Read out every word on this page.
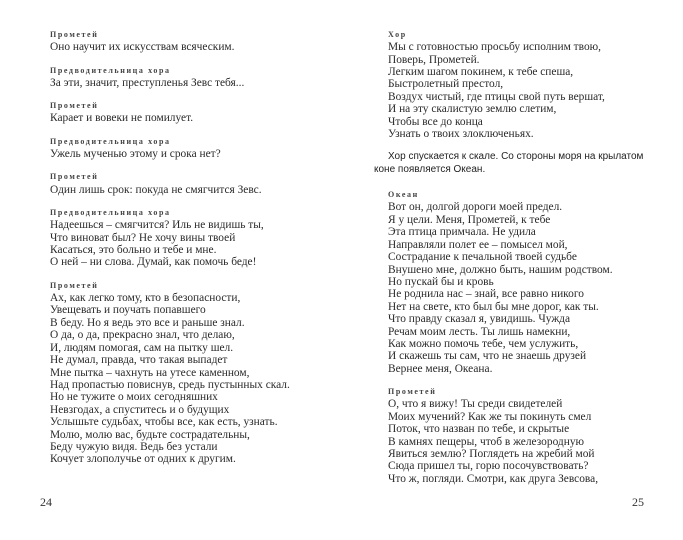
Прометей
Оно научит их искусствам всяческим.
Предводительница хора
За эти, значит, преступленья Зевс тебя...
Прометей
Карает и вовеки не помилует.
Предводительница хора
Ужель мученью этому и срока нет?
Прометей
Один лишь срок: покуда не смягчится Зевс.
Предводительница хора
Надеешься – смягчится? Иль не видишь ты,
Что виноват был? Не хочу вины твоей
Касаться, это больно и тебе и мне.
О ней – ни слова. Думай, как помочь беде!
Прометей
Ах, как легко тому, кто в безопасности,
Увещевать и поучать попавшего
В беду. Но я ведь это все и раньше знал.
О да, о да, прекрасно знал, что делаю,
И, людям помогая, сам на пытку шел.
Не думал, правда, что такая выпадет
Мне пытка – чахнуть на утесе каменном,
Над пропастью повиснув, средь пустынных скал.
Но не тужите о моих сегодняшних
Невзгодах, а спуститесь и о будущих
Услышьте судьбах, чтобы все, как есть, узнать.
Молю, молю вас, будьте сострадательны,
Беду чужую видя. Ведь без устали
Кочует злополучье от одних к другим.
24
Хор
Мы с готовностью просьбу исполним твою,
Поверь, Прометей.
Легким шагом покинем, к тебе спеша,
Быстролетный престол,
Воздух чистый, где птицы свой путь вершат,
И на эту скалистую землю слетим,
Чтобы все до конца
Узнать о твоих злоключеньях.
Хор спускается к скале. Со стороны моря на крылатом коне появляется Океан.
Океан
Вот он, долгой дороги моей предел.
Я у цели. Меня, Прометей, к тебе
Эта птица примчала. Не удила
Направляли полет ее – помысел мой,
Сострадание к печальной твоей судьбе
Внушено мне, должно быть, нашим родством.
Но пускай бы и кровь
Не роднила нас – знай, все равно никого
Нет на свете, кто был бы мне дорог, как ты.
Что правду сказал я, увидишь. Чужда
Речам моим лесть. Ты лишь намекни,
Как можно помочь тебе, чем услужить,
И скажешь ты сам, что не знаешь друзей
Вернее меня, Океана.
Прометей
О, что я вижу! Ты среди свидетелей
Моих мучений? Как же ты покинуть смел
Поток, что назван по тебе, и скрытые
В камнях пещеры, чтоб в железородную
Явиться землю? Поглядеть на жребий мой
Сюда пришел ты, горю посочувствовать?
Что ж, погляди. Смотри, как друга Зевсова,
25
